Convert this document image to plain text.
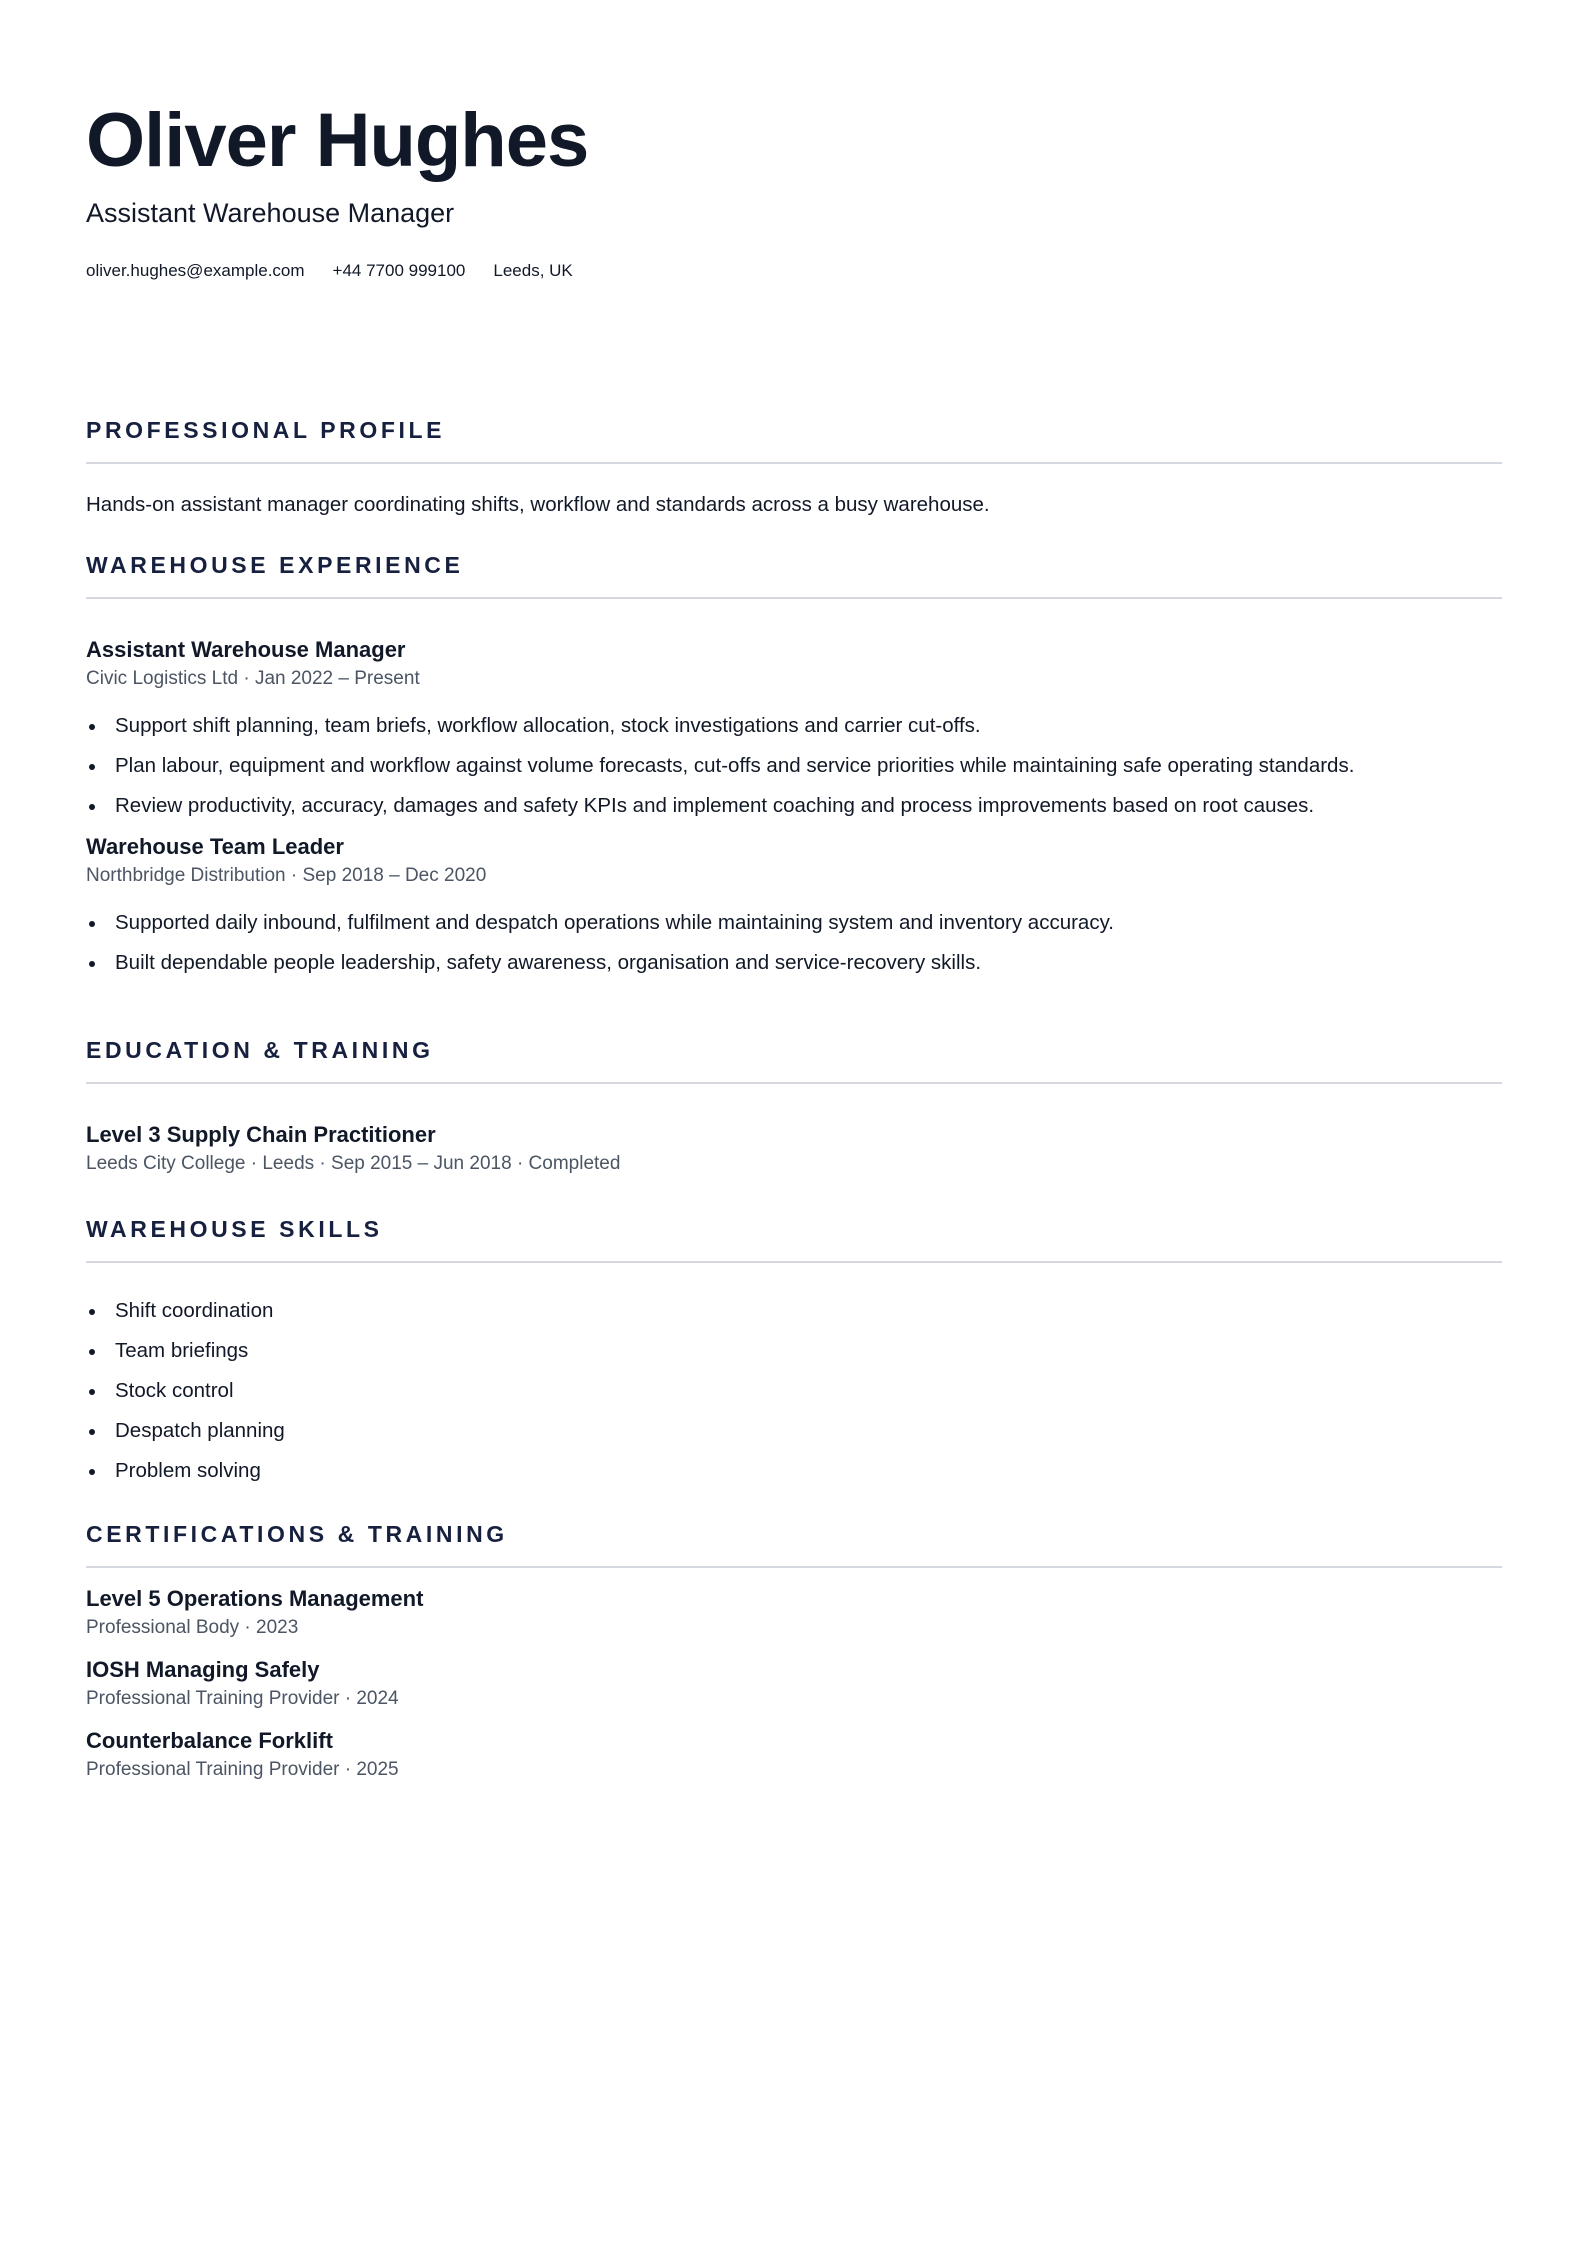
Oliver Hughes
Assistant Warehouse Manager
oliver.hughes@example.com +44 7700 999100 Leeds, UK
PROFESSIONAL PROFILE
Hands-on assistant manager coordinating shifts, workflow and standards across a busy warehouse.
WAREHOUSE EXPERIENCE
Assistant Warehouse Manager
Civic Logistics Ltd · Jan 2022 – Present
Support shift planning, team briefs, workflow allocation, stock investigations and carrier cut-offs.
Plan labour, equipment and workflow against volume forecasts, cut-offs and service priorities while maintaining safe operating standards.
Review productivity, accuracy, damages and safety KPIs and implement coaching and process improvements based on root causes.
Warehouse Team Leader
Northbridge Distribution · Sep 2018 – Dec 2020
Supported daily inbound, fulfilment and despatch operations while maintaining system and inventory accuracy.
Built dependable people leadership, safety awareness, organisation and service-recovery skills.
EDUCATION & TRAINING
Level 3 Supply Chain Practitioner
Leeds City College · Leeds · Sep 2015 – Jun 2018 · Completed
WAREHOUSE SKILLS
Shift coordination
Team briefings
Stock control
Despatch planning
Problem solving
CERTIFICATIONS & TRAINING
Level 5 Operations Management
Professional Body · 2023
IOSH Managing Safely
Professional Training Provider · 2024
Counterbalance Forklift
Professional Training Provider · 2025
